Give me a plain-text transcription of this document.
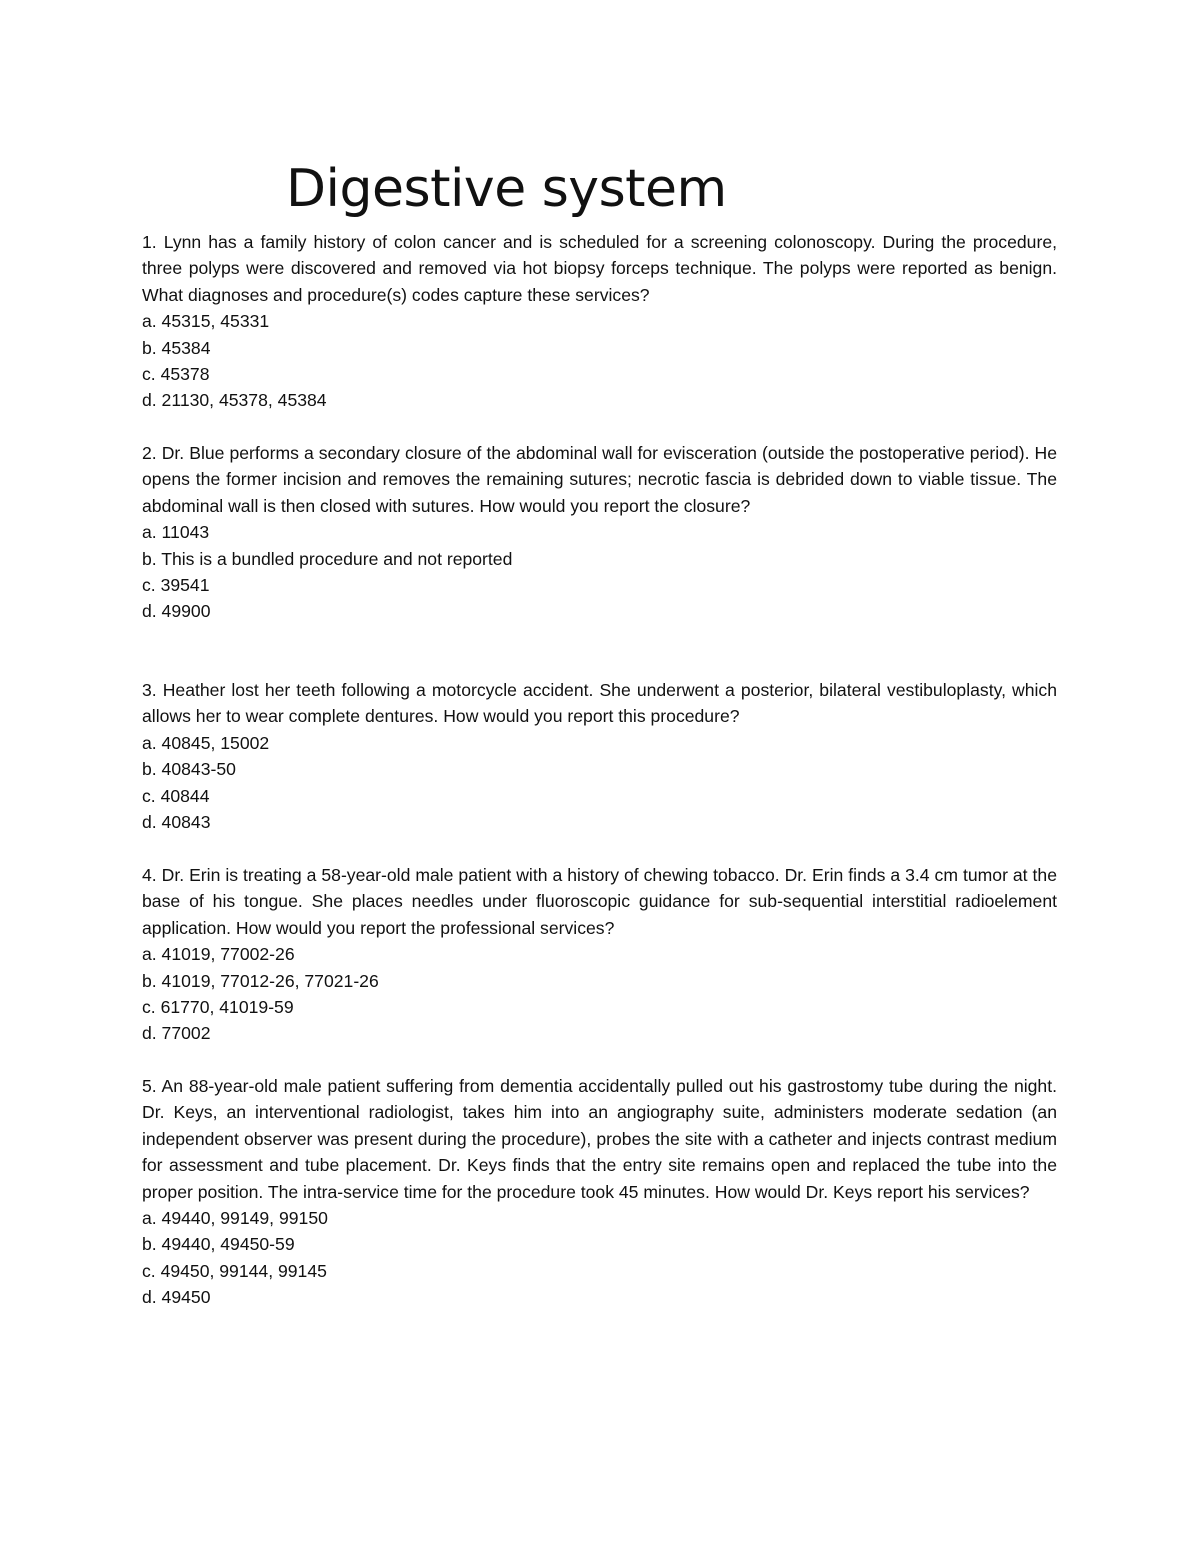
Digestive system

1. Lynn has a family history of colon cancer and is scheduled for a screening colonoscopy. During the procedure, three polyps were discovered and removed via hot biopsy forceps technique. The polyps were reported as benign. What diagnoses and procedure(s) codes capture these services?

a. 45315, 45331
b. 45384
c. 45378
d. 21130, 45378, 45384

2. Dr. Blue performs a secondary closure of the abdominal wall for evisceration (outside the postoperative period). He opens the former incision and removes the remaining sutures; necrotic fascia is debrided down to viable tissue. The abdominal wall is then closed with sutures. How would you report the closure?

a. 11043
b. This is a bundled procedure and not reported
c. 39541
d. 49900

3. Heather lost her teeth following a motorcycle accident. She underwent a posterior, bilateral vestibuloplasty, which allows her to wear complete dentures. How would you report this procedure?

a. 40845, 15002
b. 40843-50
c. 40844
d. 40843

4. Dr. Erin is treating a 58-year-old male patient with a history of chewing tobacco. Dr. Erin finds a 3.4 cm tumor at the base of his tongue. She places needles under fluoroscopic guidance for sub-sequential interstitial radioelement application. How would you report the professional services?

a. 41019, 77002-26
b. 41019, 77012-26, 77021-26
c. 61770, 41019-59
d. 77002

5. An 88-year-old male patient suffering from dementia accidentally pulled out his gastrostomy tube during the night. Dr. Keys, an interventional radiologist, takes him into an angiography suite, administers moderate sedation (an independent observer was present during the procedure), probes the site with a catheter and injects contrast medium for assessment and tube placement. Dr. Keys finds that the entry site remains open and replaced the tube into the proper position. The intra-service time for the procedure took 45 minutes. How would Dr. Keys report his services?

a. 49440, 99149, 99150
b. 49440, 49450-59
c. 49450, 99144, 99145
d. 49450
